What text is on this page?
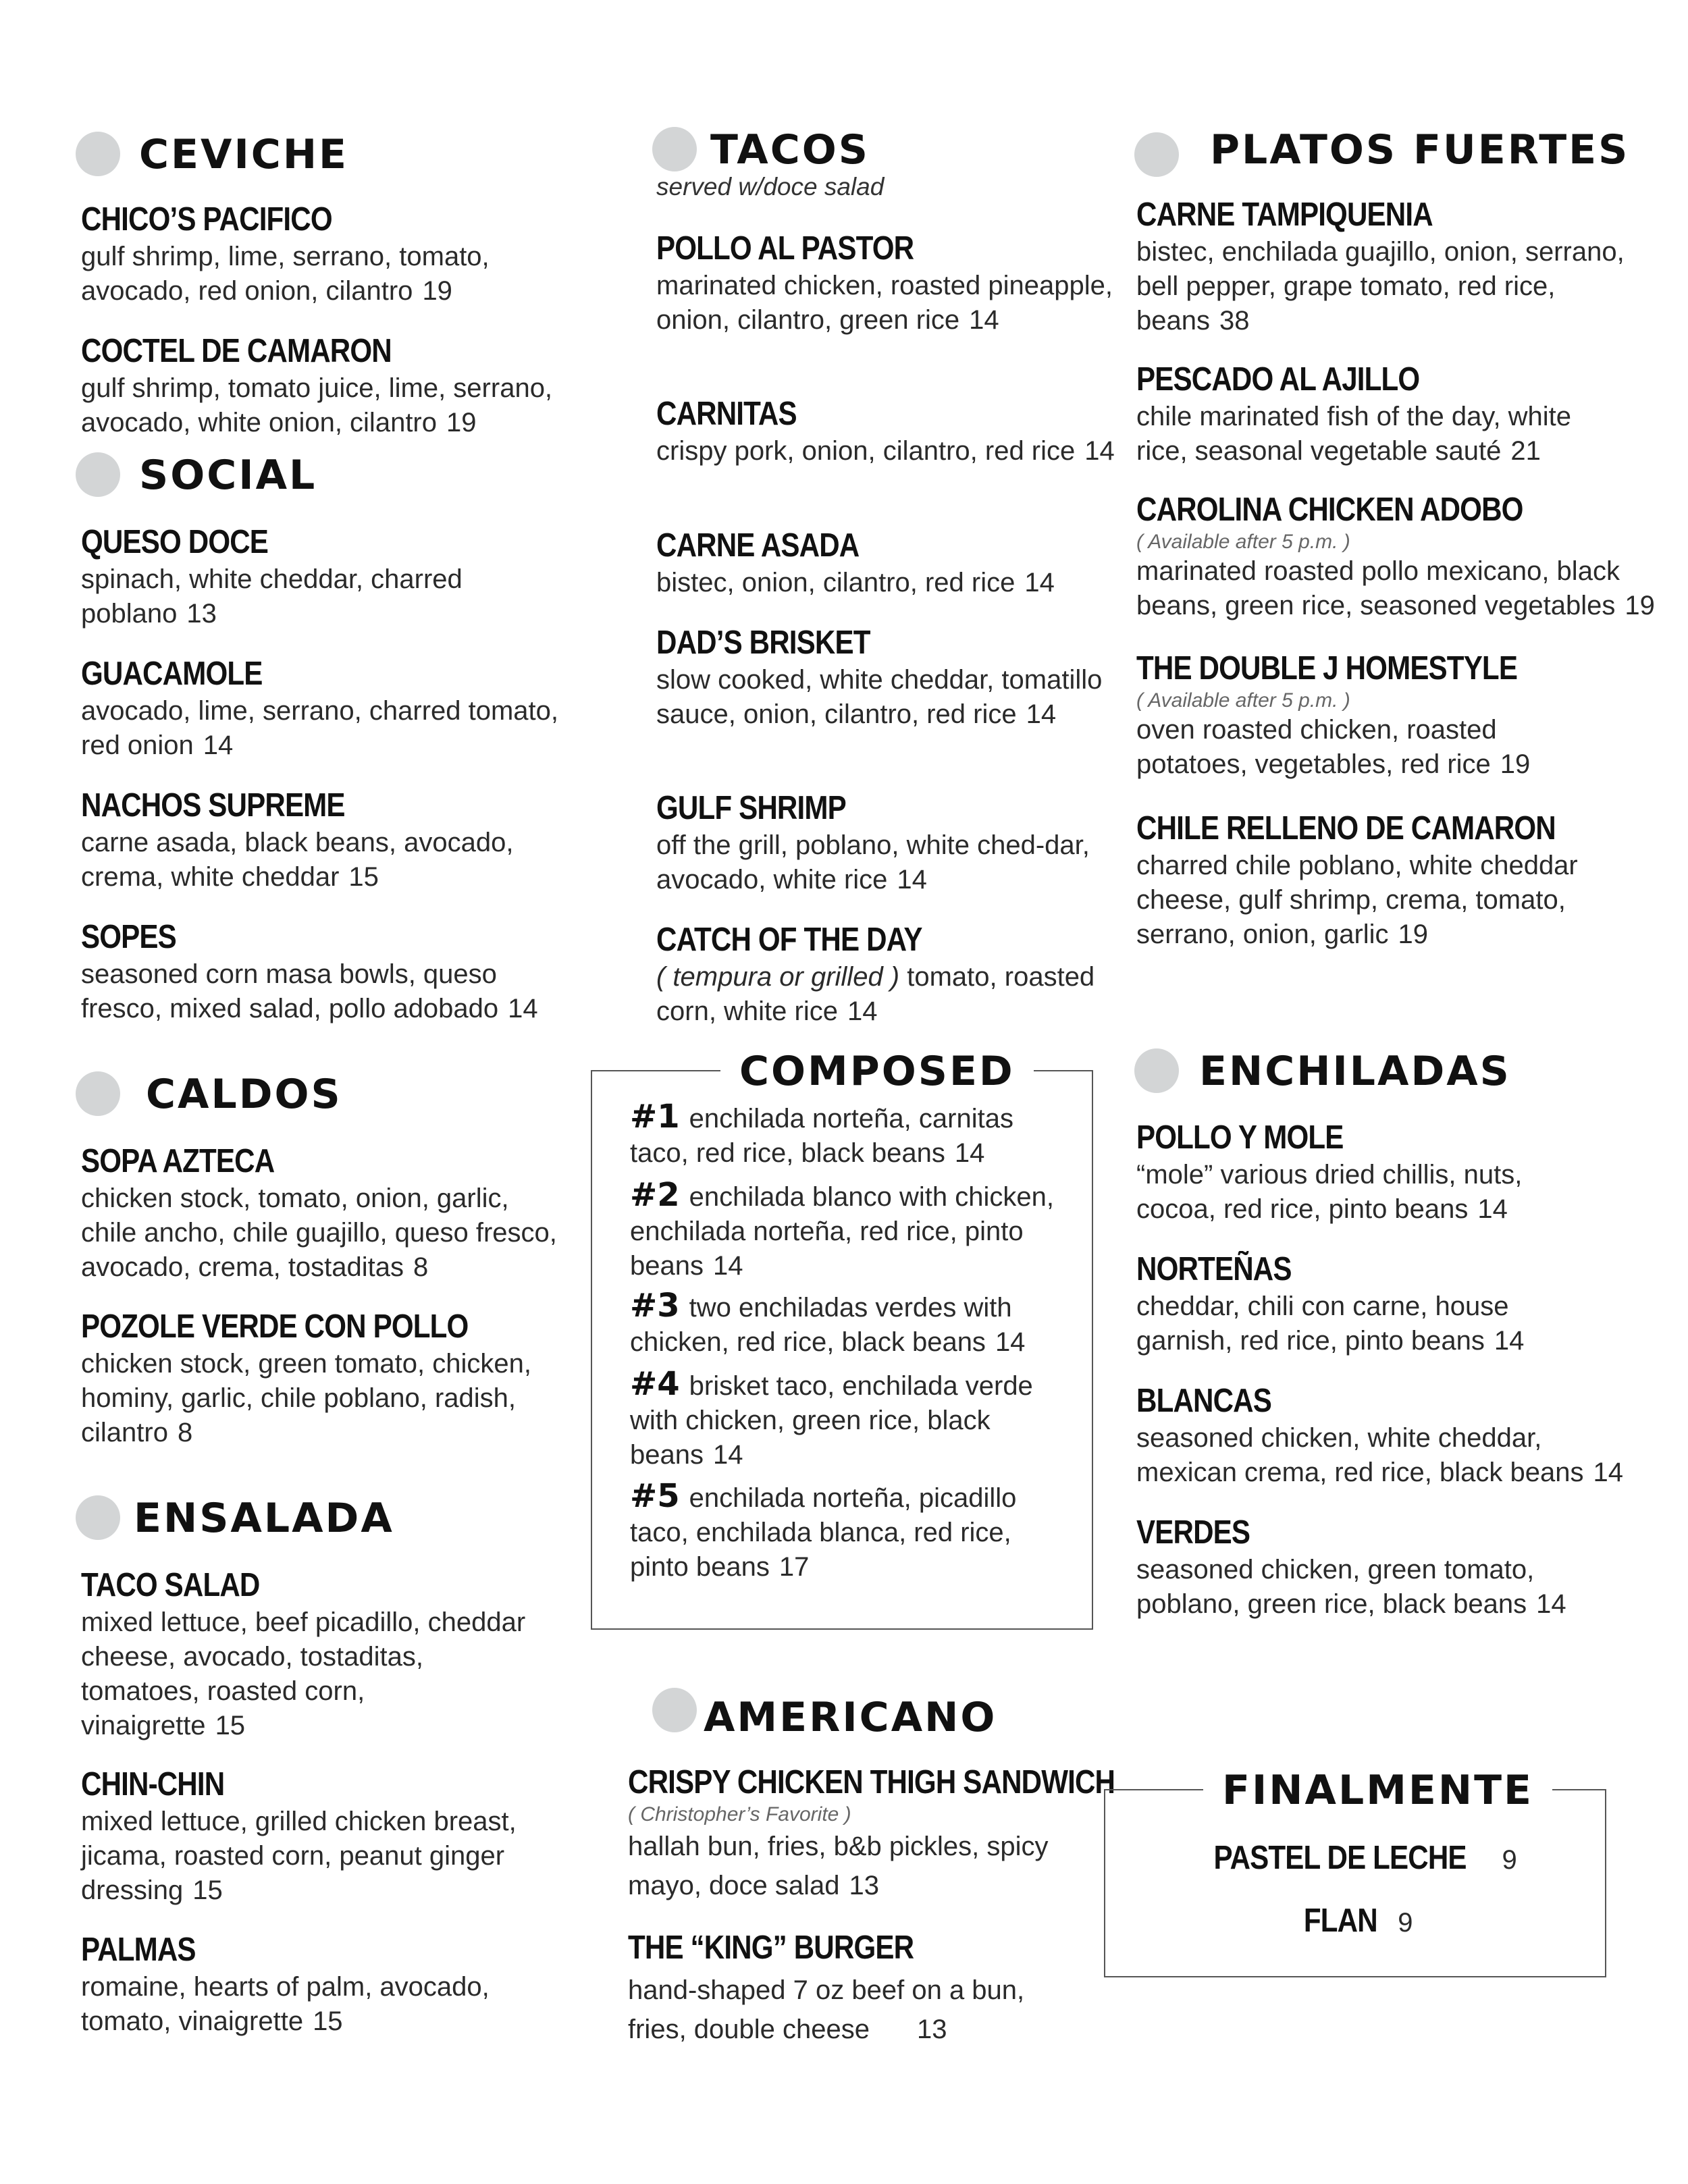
CEVICHE
CHICO’S PACIFICO
gulf shrimp, lime, serrano, tomato, avocado, red onion, cilantro 19
COCTEL DE CAMARON
gulf shrimp, tomato juice, lime, serrano, avocado, white onion, cilantro 19
SOCIAL
QUESO DOCE
spinach, white cheddar, charred poblano 13
GUACAMOLE
avocado, lime, serrano, charred tomato, red onion 14
NACHOS SUPREME
carne asada, black beans, avocado, crema, white cheddar 15
SOPES
seasoned corn masa bowls, queso fresco, mixed salad, pollo adobado 14
CALDOS
SOPA AZTECA
chicken stock, tomato, onion, garlic, chile ancho, chile guajillo, queso fresco, avocado, crema, tostaditas 8
POZOLE VERDE CON POLLO
chicken stock, green tomato, chicken, hominy, garlic, chile poblano, radish, cilantro 8
ENSALADA
TACO SALAD
mixed lettuce, beef picadillo, cheddar cheese, avocado, tostaditas, tomatoes, roasted corn, vinaigrette 15
CHIN-CHIN
mixed lettuce, grilled chicken breast, jicama, roasted corn, peanut ginger dressing 15
PALMAS
romaine, hearts of palm, avocado, tomato, vinaigrette 15
TACOS
served w/doce salad
POLLO AL PASTOR
marinated chicken, roasted pineapple, onion, cilantro, green rice 14
CARNITAS
crispy pork, onion, cilantro, red rice 14
CARNE ASADA
bistec, onion, cilantro, red rice 14
DAD’S BRISKET
slow cooked, white cheddar, tomatillo sauce, onion, cilantro, red rice 14
GULF SHRIMP
off the grill, poblano, white ched-dar, avocado, white rice 14
CATCH OF THE DAY
( tempura or grilled ) tomato, roasted corn, white rice 14
COMPOSED
#1 enchilada norteña, carnitas taco, red rice, black beans 14
#2 enchilada blanco with chicken, enchilada norteña, red rice, pinto beans 14
#3 two enchiladas verdes with chicken, red rice, black beans 14
#4 brisket taco, enchilada verde with chicken, green rice, black beans 14
#5 enchilada norteña, picadillo taco, enchilada blanca, red rice, pinto beans 17
AMERICANO
CRISPY CHICKEN THIGH SANDWICH
( Christopher’s Favorite )
hallah bun, fries, b&b pickles, spicy mayo, doce salad 13
THE “KING” BURGER
hand-shaped 7 oz beef on a bun, fries, double cheese 13
PLATOS FUERTES
CARNE TAMPIQUENIA
bistec, enchilada guajillo, onion, serrano, bell pepper, grape tomato, red rice, beans 38
PESCADO AL AJILLO
chile marinated fish of the day, white rice, seasonal vegetable sauté 21
CAROLINA CHICKEN ADOBO
( Available after 5 p.m. )
marinated roasted pollo mexicano, black beans, green rice, seasoned vegetables 19
THE DOUBLE J HOMESTYLE
( Available after 5 p.m. )
oven roasted chicken, roasted potatoes, vegetables, red rice 19
CHILE RELLENO DE CAMARON
charred chile poblano, white cheddar cheese, gulf shrimp, crema, tomato, serrano, onion, garlic 19
ENCHILADAS
POLLO Y MOLE
“mole” various dried chillis, nuts, cocoa, red rice, pinto beans 14
NORTEÑAS
cheddar, chili con carne, house garnish, red rice, pinto beans 14
BLANCAS
seasoned chicken, white cheddar, mexican crema, red rice, black beans 14
VERDES
seasoned chicken, green tomato, poblano, green rice, black beans 14
FINALMENTE
PASTEL DE LECHE 9
FLAN 9
